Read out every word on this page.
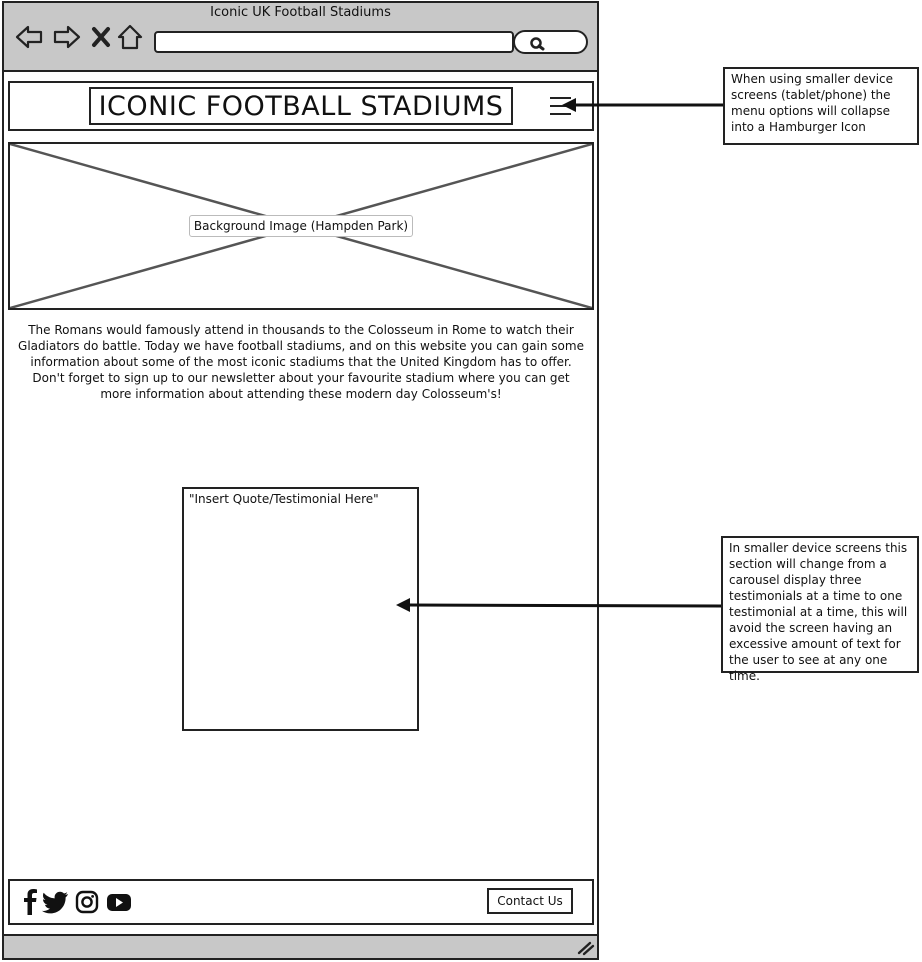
Iconic UK Football Stadiums
ICONIC FOOTBALL STADIUMS
Background Image (Hampden Park)
The Romans would famously attend in thousands to the Colosseum in Rome to watch their Gladiators do battle. Today we have football stadiums, and on this website you can gain some information about some of the most iconic stadiums that the United Kingdom has to offer. Don't forget to sign up to our newsletter about your favourite stadium where you can get more information about attending these modern day Colosseum's!
"Insert Quote/Testimonial Here"
Contact Us
When using smaller device screens (tablet/phone) the menu options will collapse into a Hamburger Icon
In smaller device screens this section will change from a carousel display three testimonials at a time to one testimonial at a time, this will avoid the screen having an excessive amount of text for the user to see at any one time.
